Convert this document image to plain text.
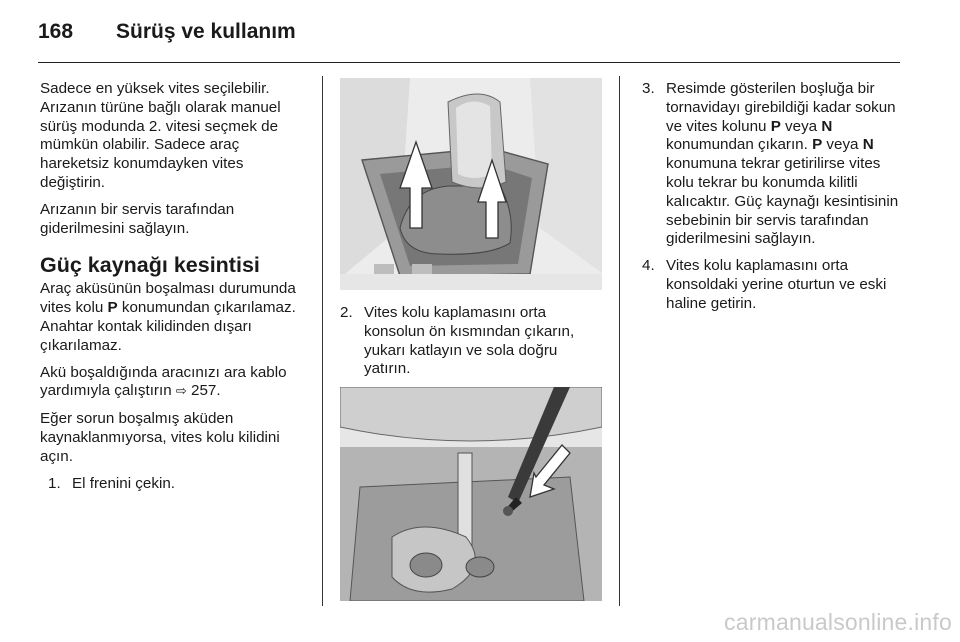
168 Sürüş ve kullanım

Sadece en yüksek vites seçilebilir. Arızanın türüne bağlı olarak manuel sürüş modunda 2. vitesi seçmek de mümkün olabilir. Sadece araç hareketsiz konumdayken vites değiştirin.

Arızanın bir servis tarafından giderilmesini sağlayın.

Güç kaynağı kesintisi

Araç aküsünün boşalması durumunda vites kolu P konumundan çıkarılamaz. Anahtar kontak kilidinden dışarı çıkarılamaz.

Akü boşaldığında aracınızı ara kablo yardımıyla çalıştırın ⇨ 257.

Eğer sorun boşalmış aküden kaynaklanmıyorsa, vites kolu kilidini açın.

1. El frenini çekin.
2. Vites kolu kaplamasını orta konsolun ön kısmından çıkarın, yukarı katlayın ve sola doğru yatırın.
3. Resimde gösterilen boşluğa bir tornavidayı girebildiği kadar sokun ve vites kolunu P veya N konumundan çıkarın. P veya N konumuna tekrar getirilirse vites kolu tekrar bu konumda kilitli kalıcaktır. Güç kaynağı kesintisinin sebebinin bir servis tarafından giderilmesini sağlayın.
4. Vites kolu kaplamasını orta konsoldaki yerine oturtun ve eski haline getirin.
carmanualsonline.info
